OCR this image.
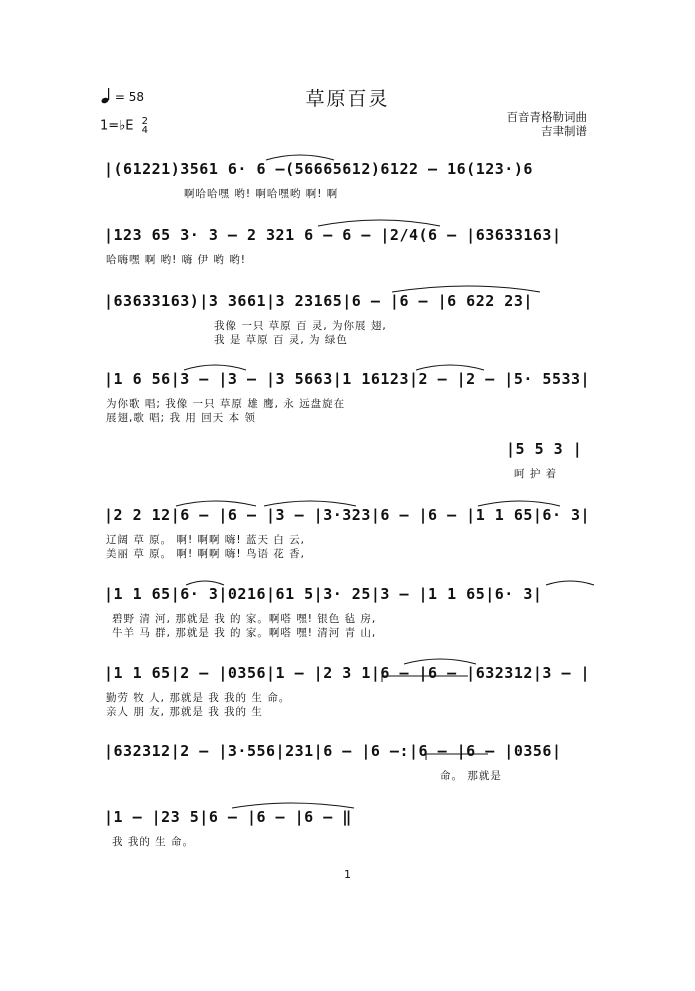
= 58	草原百灵
1=♭E 2
4
百音青格勒词曲
吉聿制谱
|(61221)3561 6· 6 —(56665612)6122 — 16(123·)6
啊哈哈嘿 哟! 啊哈嘿哟 啊! 啊
|123 65 3· 3 — 2 321 6 — 6 — |2/4(6 — |63633163|
哈嗨嘿 啊 哟! 嗨 伊 哟 哟!
|63633163)|3 3661|3 23165|6 — |6 — |6 622 23|
我像 一只 草原 百 灵, 为你展 翅,
我 是 草原 百 灵, 为 绿色
|1 6 56|3 — |3 — |3 5663|1 16123|2 — |2 — |5· 5533|
为你歌 唱; 我像 一只 草原 雄 鹰, 永 远盘旋在
展翅,歌 唱; 我 用 回天 本 领
|5 5 3 |
呵 护 着
|2 2 12|6 — |6 — |3 — |3·323|6 — |6 — |1 1 65|6· 3|
辽阔 草 原。 啊! 啊啊 嗨! 蓝天 白 云,
美丽 草 原。 啊! 啊啊 嗨! 鸟语 花 香,
|1 1 65|6· 3|0216|61 5|3· 25|3 — |1 1 65|6· 3|
碧野 清 河, 那就是 我 的 家。啊嗒 嘿! 银色 毡 房,
牛羊 马 群, 那就是 我 的 家。啊嗒 嘿! 清河 青 山,
|1 1 65|2 — |0356|1 — |2 3 1|6 — |6 — |632312|3 — |
勤劳 牧 人, 那就是 我 我的 生 命。
亲人 朋 友, 那就是 我 我的 生
|632312|2 — |3·556|231|6 — |6 —:|6 — |6 — |0356|
命。 那就是
|1 — |23 5|6 — |6 — |6 — ‖
我 我的 生 命。
1
